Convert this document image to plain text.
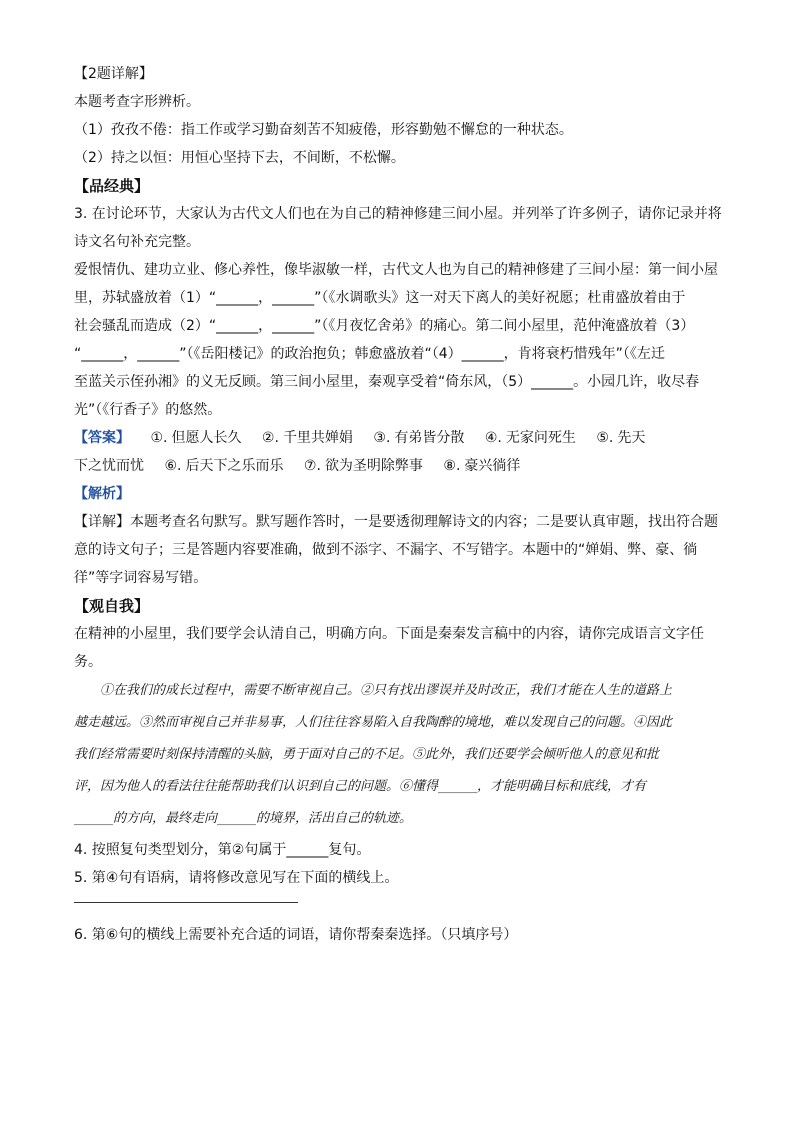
【2题详解】
本题考查字形辨析。
（1）孜孜不倦：指工作或学习勤奋刻苦不知疲倦，形容勤勉不懈怠的一种状态。
（2）持之以恒：用恒心坚持下去，不间断，不松懈。
【品经典】
3. 在讨论环节，大家认为古代文人们也在为自己的精神修建三间小屋。并列举了许多例子，请你记录并将
诗文名句补充完整。
爱恨情仇、建功立业、修心养性，像毕淑敏一样，古代文人也为自己的精神修建了三间小屋：第一间小屋
里，苏轼盛放着（1）“______，______”（《水调歌头》这一对天下离人的美好祝愿；杜甫盛放着由于
社会骚乱而造成（2）“______，______”（《月夜忆舍弟》的痛心。第二间小屋里，范仲淹盛放着（3）
“______，______”（《岳阳楼记》的政治抱负；韩愈盛放着“（4）______，肯将衰朽惜残年”（《左迁
至蓝关示侄孙湘》的义无反顾。第三间小屋里，秦观享受着“倚东风，（5）______。小园几许，收尽春
光”（《行香子》的悠然。
【答案】 ①. 但愿人长久 ②. 千里共婵娟 ③. 有弟皆分散 ④. 无家问死生 ⑤. 先天
下之忧而忧 ⑥. 后天下之乐而乐 ⑦. 欲为圣明除弊事 ⑧. 豪兴徜徉
【解析】
【详解】本题考查名句默写。默写题作答时，一是要透彻理解诗文的内容；二是要认真审题，找出符合题
意的诗文句子；三是答题内容要准确，做到不添字、不漏字、不写错字。本题中的“婵娟、弊、豪、徜
徉”等字词容易写错。
【观自我】
在精神的小屋里，我们要学会认清自己，明确方向。下面是秦秦发言稿中的内容，请你完成语言文字任
务。
①在我们的成长过程中，需要不断审视自己。②只有找出谬误并及时改正，我们才能在人生的道路上
越走越远。③然而审视自己并非易事，人们往往容易陷入自我陶醉的境地，难以发现自己的问题。④因此
我们经常需要时刻保持清醒的头脑，勇于面对自己的不足。⑤此外，我们还要学会倾听他人的意见和批
评，因为他人的看法往往能帮助我们认识到自己的问题。⑥懂得______，才能明确目标和底线，才有
______的方向，最终走向______的境界，活出自己的轨迹。
4. 按照复句类型划分，第②句属于______复句。
5. 第④句有语病，请将修改意见写在下面的横线上。
6. 第⑥句的横线上需要补充合适的词语，请你帮秦秦选择。（只填序号）
